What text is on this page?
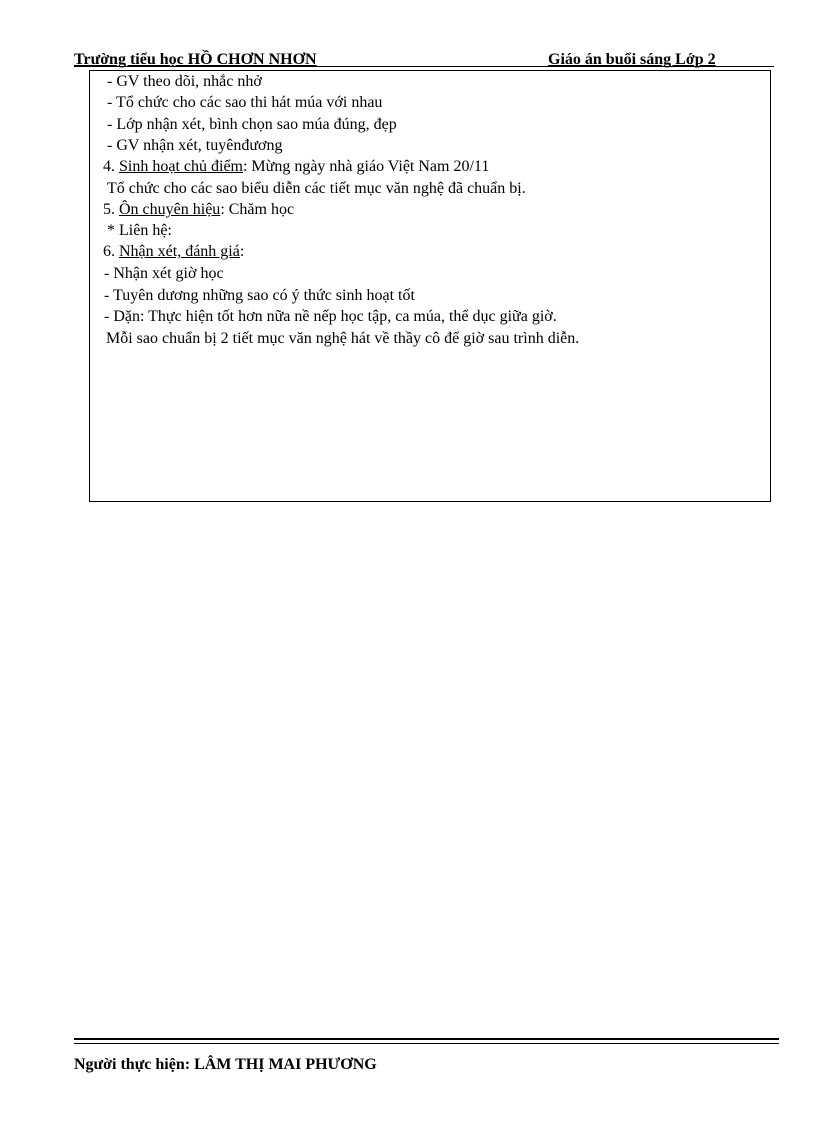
Trường tiểu học HỒ CHƠN NHƠN	Giáo án buổi sáng Lớp 2
- GV theo dõi, nhắc nhở
- Tổ chức cho các sao thi hát múa với nhau
- Lớp nhận xét, bình chọn sao múa đúng, đẹp
- GV nhận xét, tuyênđương
4. Sinh hoạt chủ điểm: Mừng ngày nhà giáo Việt Nam 20/11
Tổ chức cho các sao biểu diễn các tiết mục văn nghệ đã chuẩn bị.
5. Ôn chuyên hiệu: Chăm học
* Liên hệ:
6. Nhận xét, đánh giá:
- Nhận xét giờ học
- Tuyên dương những sao có ý thức sinh hoạt tốt
- Dặn: Thực hiện tốt hơn nữa nề nếp học tập, ca múa, thể dục giữa giờ.
Mỗi sao chuẩn bị 2 tiết mục văn nghệ hát về thầy cô để giờ sau trình diễn.
Người thực hiện: LÂM THỊ MAI PHƯƠNG
